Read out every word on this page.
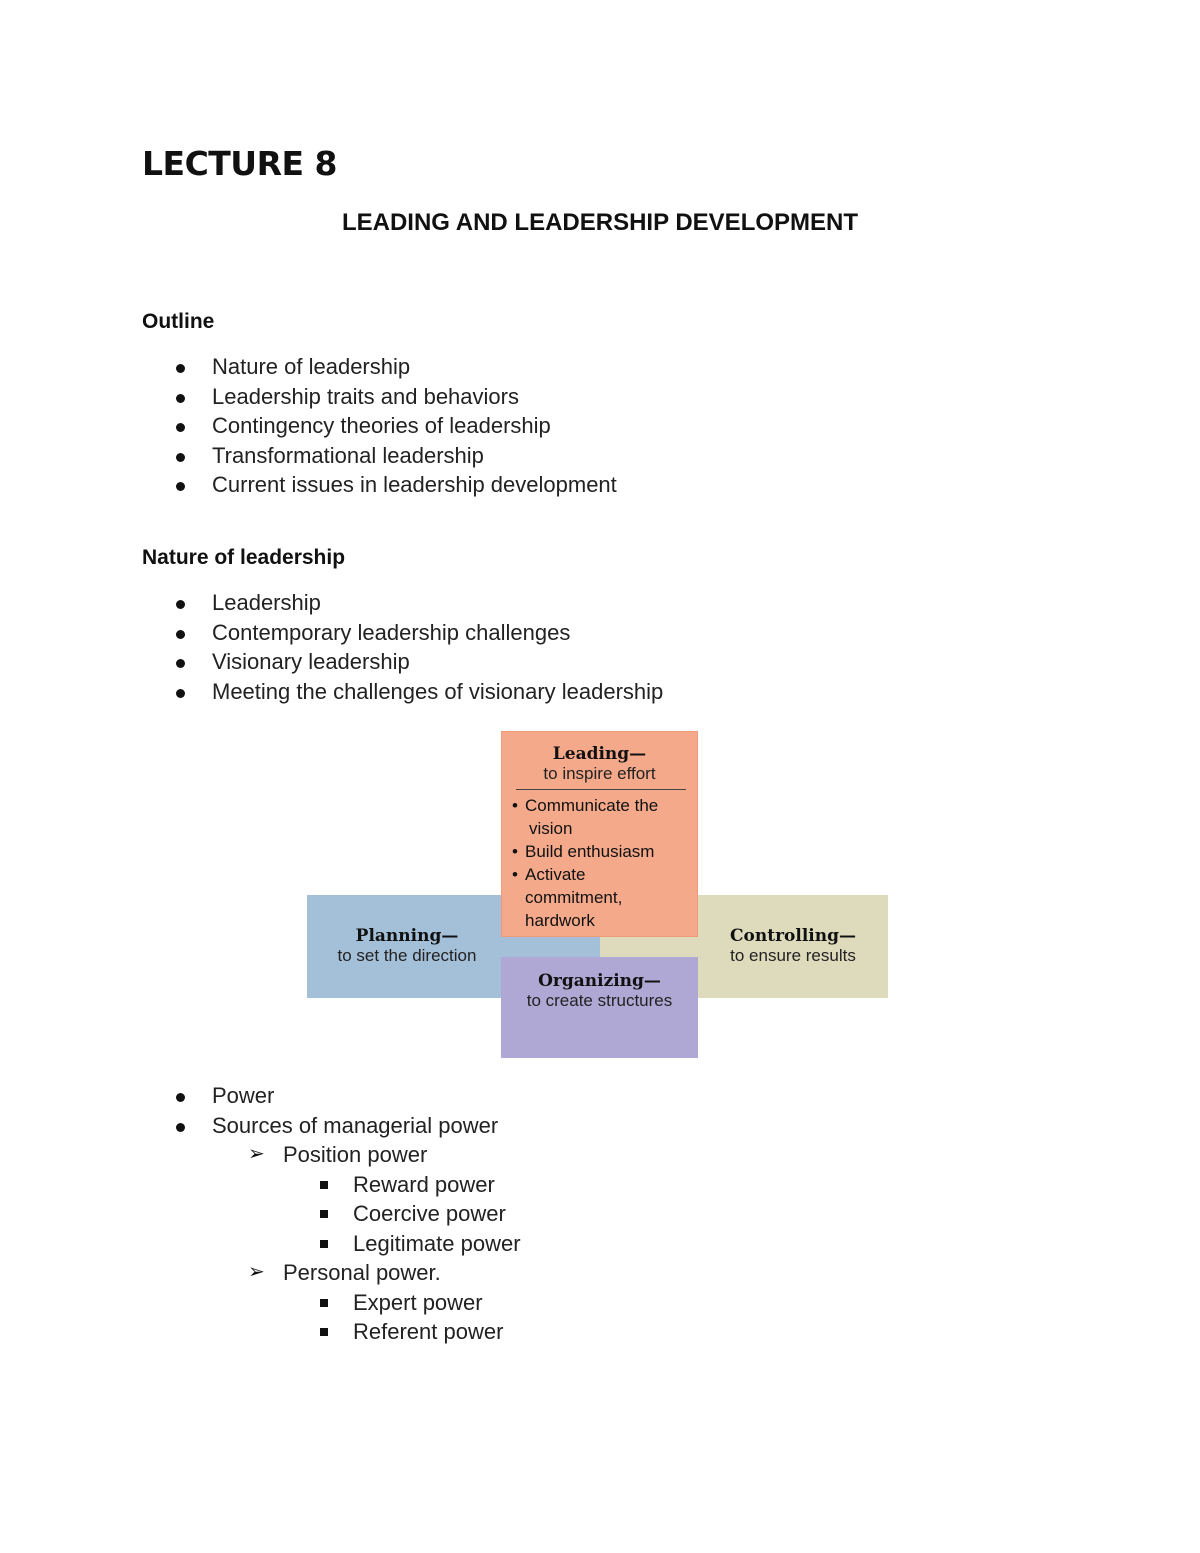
LECTURE 8
LEADING AND LEADERSHIP DEVELOPMENT
Outline
Nature of leadership
Leadership traits and behaviors
Contingency theories of leadership
Transformational leadership
Current issues in leadership development
Nature of leadership
Leadership
Contemporary leadership challenges
Visionary leadership
Meeting the challenges of visionary leadership
Leading—
to inspire effort
• Communicate the
vision
• Build enthusiasm
• Activate
commitment,
hardwork
Planning—
to set the direction
Controlling—
to ensure results
Organizing—
to create structures
Power
Sources of managerial power
➢ Position power
Reward power
Coercive power
Legitimate power
➢ Personal power.
Expert power
Referent power
